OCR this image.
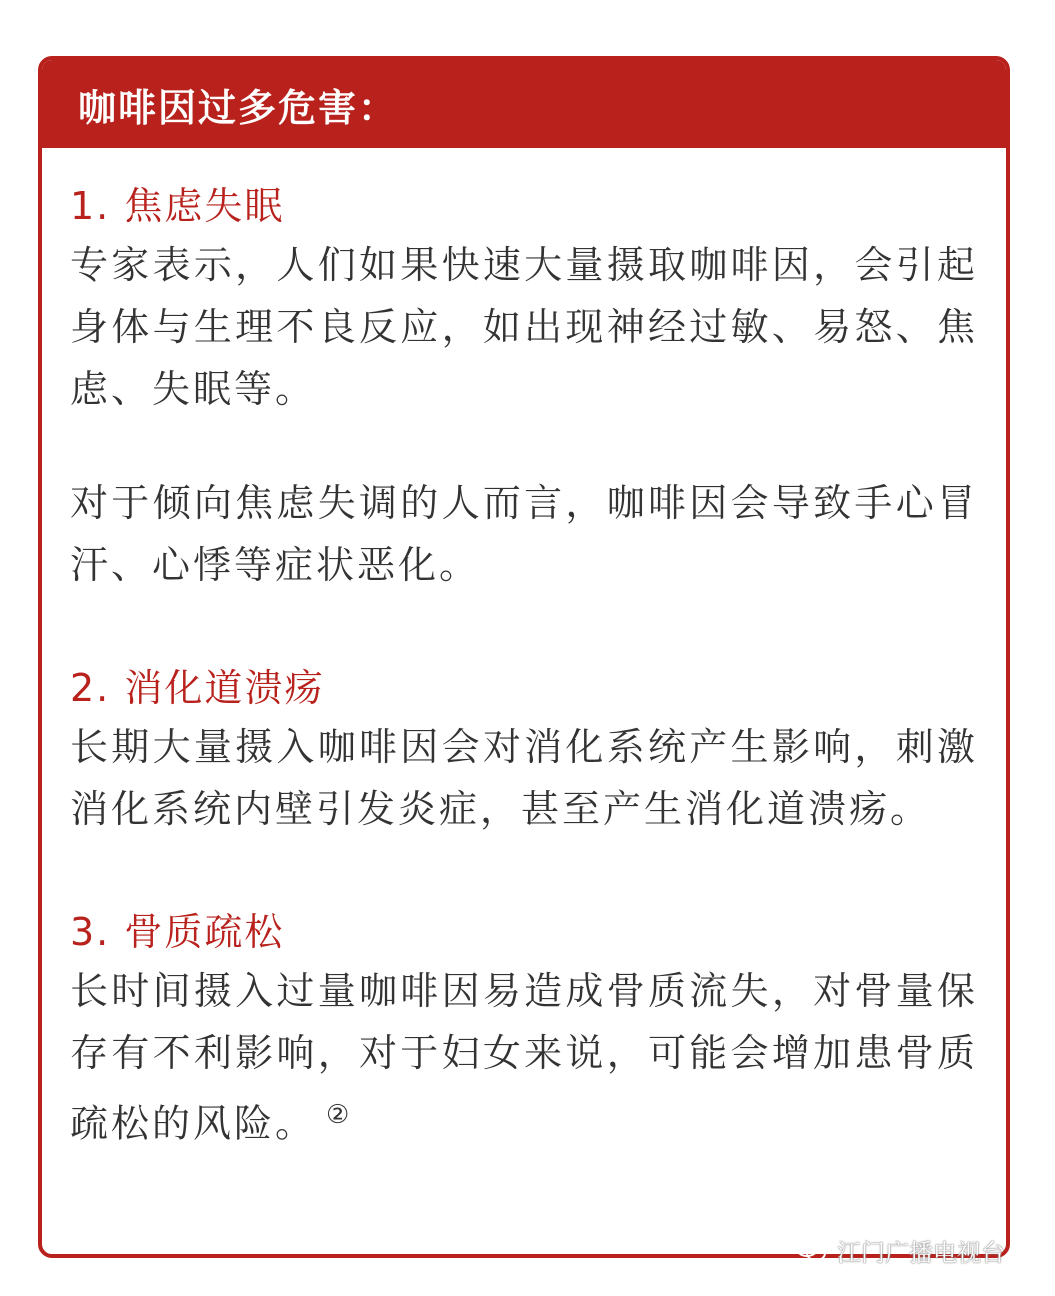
咖啡因过多危害：
1. 焦虑失眠
专家表示，人们如果快速大量摄取咖啡因，会引起身体与生理不良反应，如出现神经过敏、易怒、焦虑、失眠等。
对于倾向焦虑失调的人而言，咖啡因会导致手心冒汗、心悸等症状恶化。
2. 消化道溃疡
长期大量摄入咖啡因会对消化系统产生影响，刺激消化系统内壁引发炎症，甚至产生消化道溃疡。
3. 骨质疏松
长时间摄入过量咖啡因易造成骨质流失，对骨量保存有不利影响，对于妇女来说，可能会增加患骨质疏松的风险。 ②
江门广播电视台
